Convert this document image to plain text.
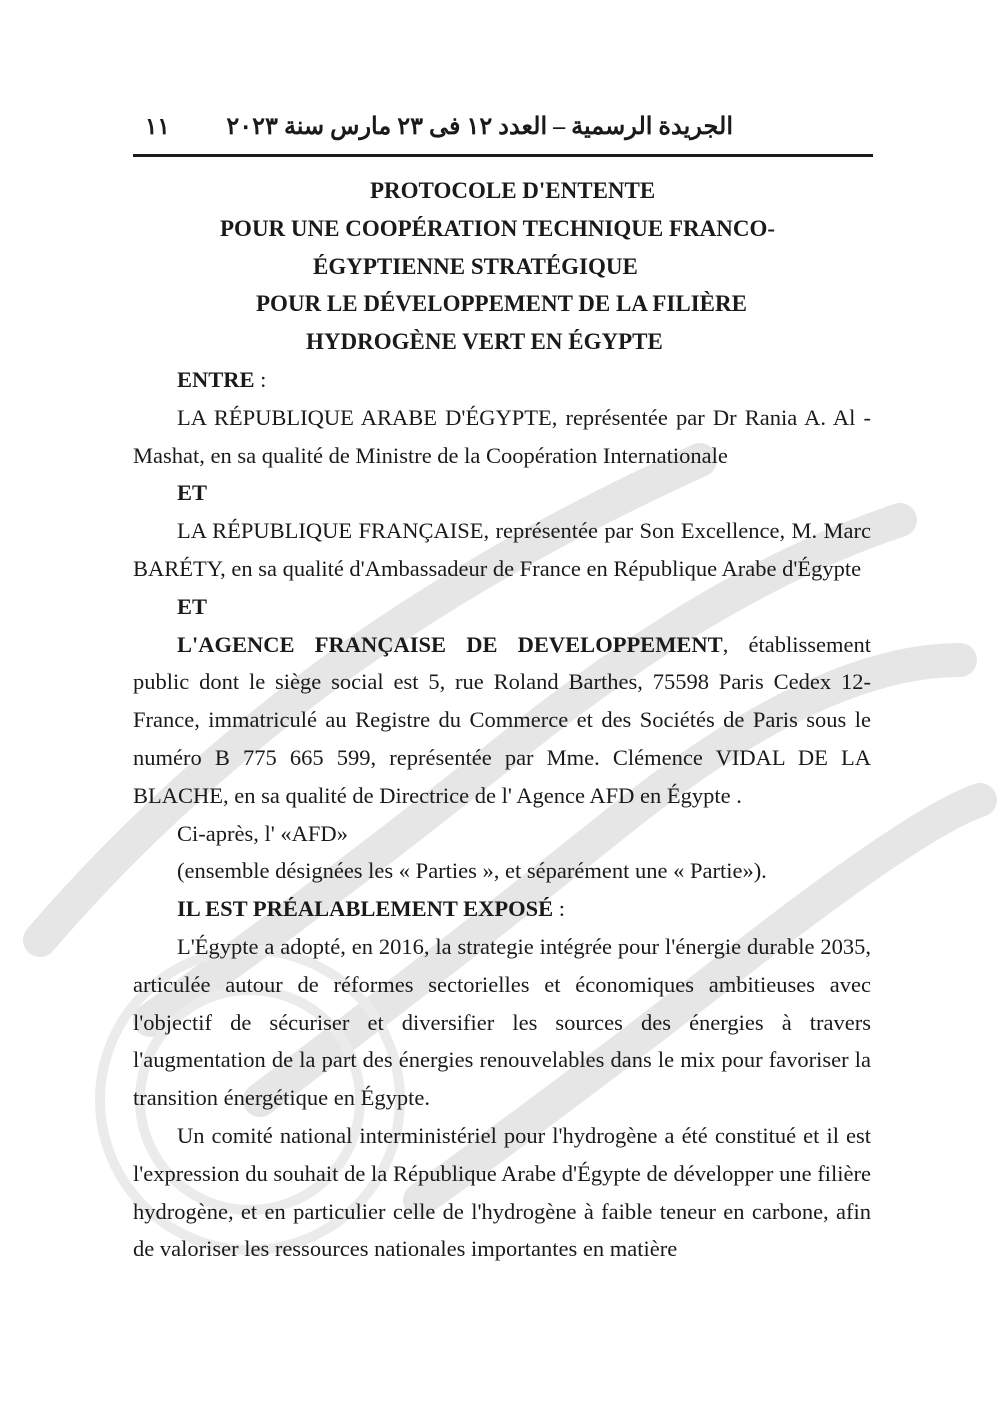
١١ الجريدة الرسمية – العدد ١٢ فى ٢٣ مارس سنة ٢٠٢٣
PROTOCOLE D'ENTENTE
POUR UNE COOPÉRATION TECHNIQUE FRANCO-
ÉGYPTIENNE STRATÉGIQUE
POUR LE DÉVELOPPEMENT DE LA FILIÈRE
HYDROGÈNE VERT EN ÉGYPTE

ENTRE :

LA RÉPUBLIQUE ARABE D'ÉGYPTE, représentée par Dr Rania A. Al - Mashat, en sa qualité de Ministre de la Coopération Internationale

ET

LA RÉPUBLIQUE FRANÇAISE, représentée par Son Excellence, M. Marc BARÉTY, en sa qualité d'Ambassadeur de France en République Arabe d'Égypte

ET

L'AGENCE FRANÇAISE DE DEVELOPPEMENT, établissement public dont le siège social est 5, rue Roland Barthes, 75598 Paris Cedex 12- France, immatriculé au Registre du Commerce et des Sociétés de Paris sous le numéro B 775 665 599, représentée par Mme. Clémence VIDAL DE LA BLACHE, en sa qualité de Directrice de l' Agence AFD en Égypte .

Ci-après, l' «AFD»

(ensemble désignées les « Parties », et séparément une « Partie»).

IL EST PRÉALABLEMENT EXPOSÉ :

L'Égypte a adopté, en 2016, la strategie intégrée pour l'énergie durable 2035, articulée autour de réformes sectorielles et économiques ambitieuses avec l'objectif de sécuriser et diversifier les sources des énergies à travers l'augmentation de la part des énergies renouvelables dans le mix pour favoriser la transition énergétique en Égypte.

Un comité national interministériel pour l'hydrogène a été constitué et il est l'expression du souhait de la République Arabe d'Égypte de développer une filière hydrogène, et en particulier celle de l'hydrogène à faible teneur en carbone, afin de valoriser les ressources nationales importantes en matière
